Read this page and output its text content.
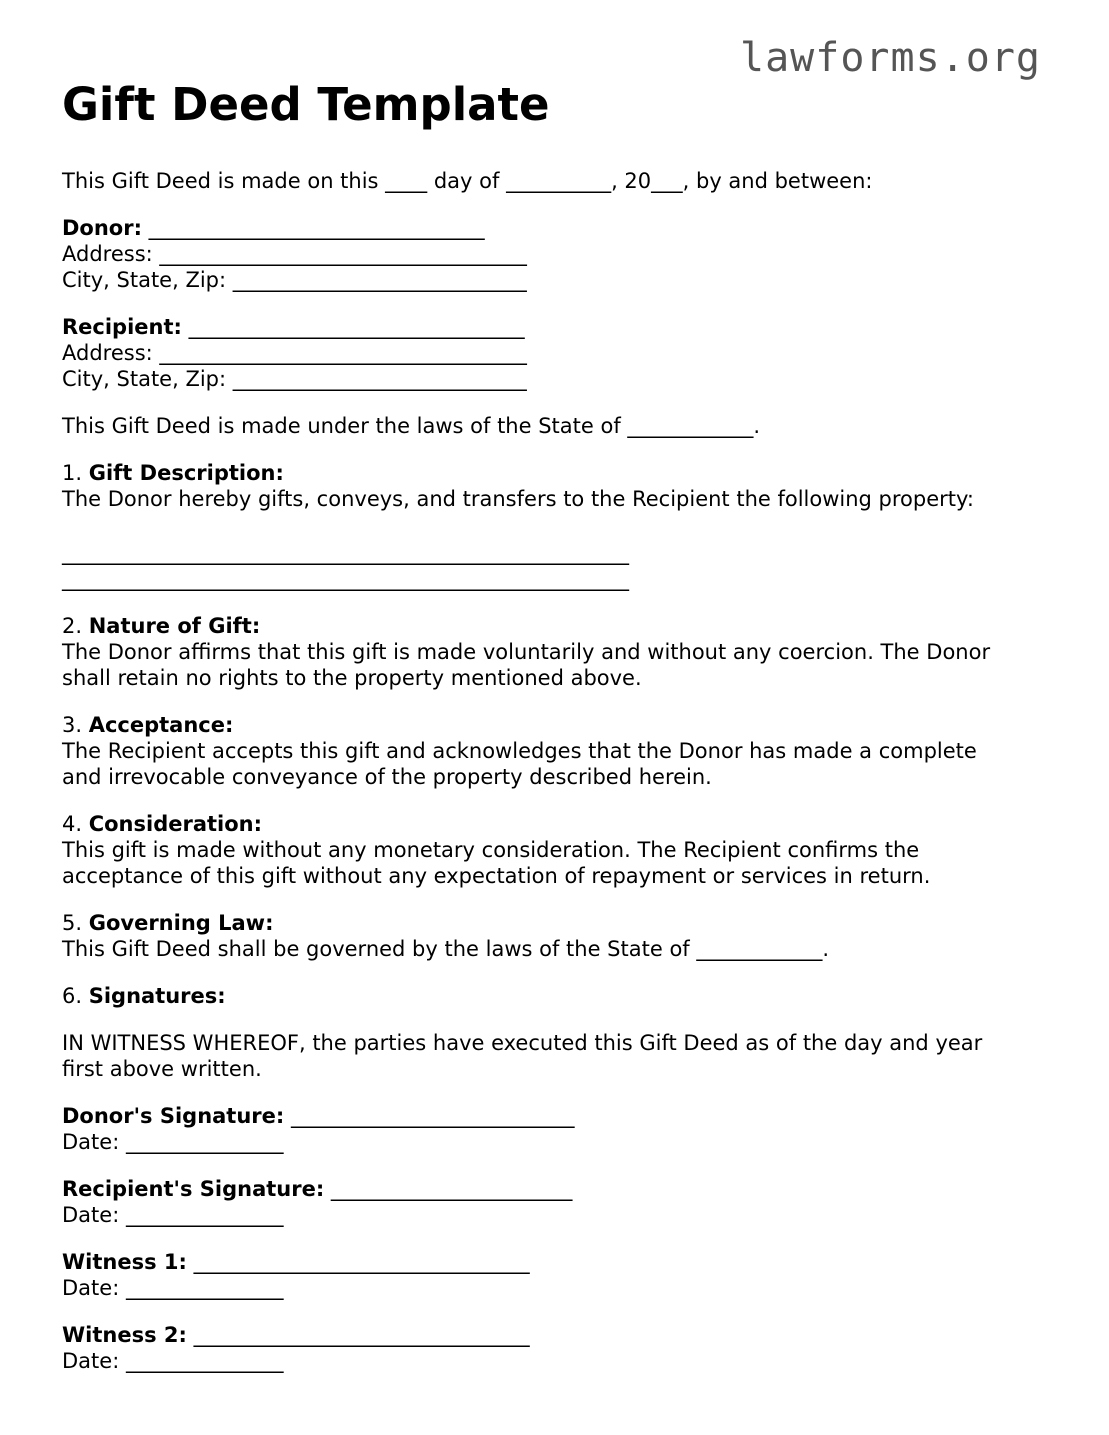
lawforms.org
Gift Deed Template

This Gift Deed is made on this ____ day of __________, 20___, by and between:

Donor: ________________________________

Address: ___________________________________

City, State, Zip: ____________________________

Recipient: ________________________________

Address: ___________________________________

City, State, Zip: ____________________________

This Gift Deed is made under the laws of the State of ____________.

1. Gift Description:

The Donor hereby gifts, conveys, and transfers to the Recipient the following property:

______________________________________________________

______________________________________________________

2. Nature of Gift:

The Donor affirms that this gift is made voluntarily and without any coercion. The Donor

shall retain no rights to the property mentioned above.

3. Acceptance:

The Recipient accepts this gift and acknowledges that the Donor has made a complete

and irrevocable conveyance of the property described herein.

4. Consideration:

This gift is made without any monetary consideration. The Recipient confirms the

acceptance of this gift without any expectation of repayment or services in return.

5. Governing Law:

This Gift Deed shall be governed by the laws of the State of ____________.

6. Signatures:

IN WITNESS WHEREOF, the parties have executed this Gift Deed as of the day and year

first above written.

Donor's Signature: ___________________________

Date: _______________

Recipient's Signature: _______________________

Date: _______________

Witness 1: ________________________________

Date: _______________

Witness 2: ________________________________

Date: _______________
